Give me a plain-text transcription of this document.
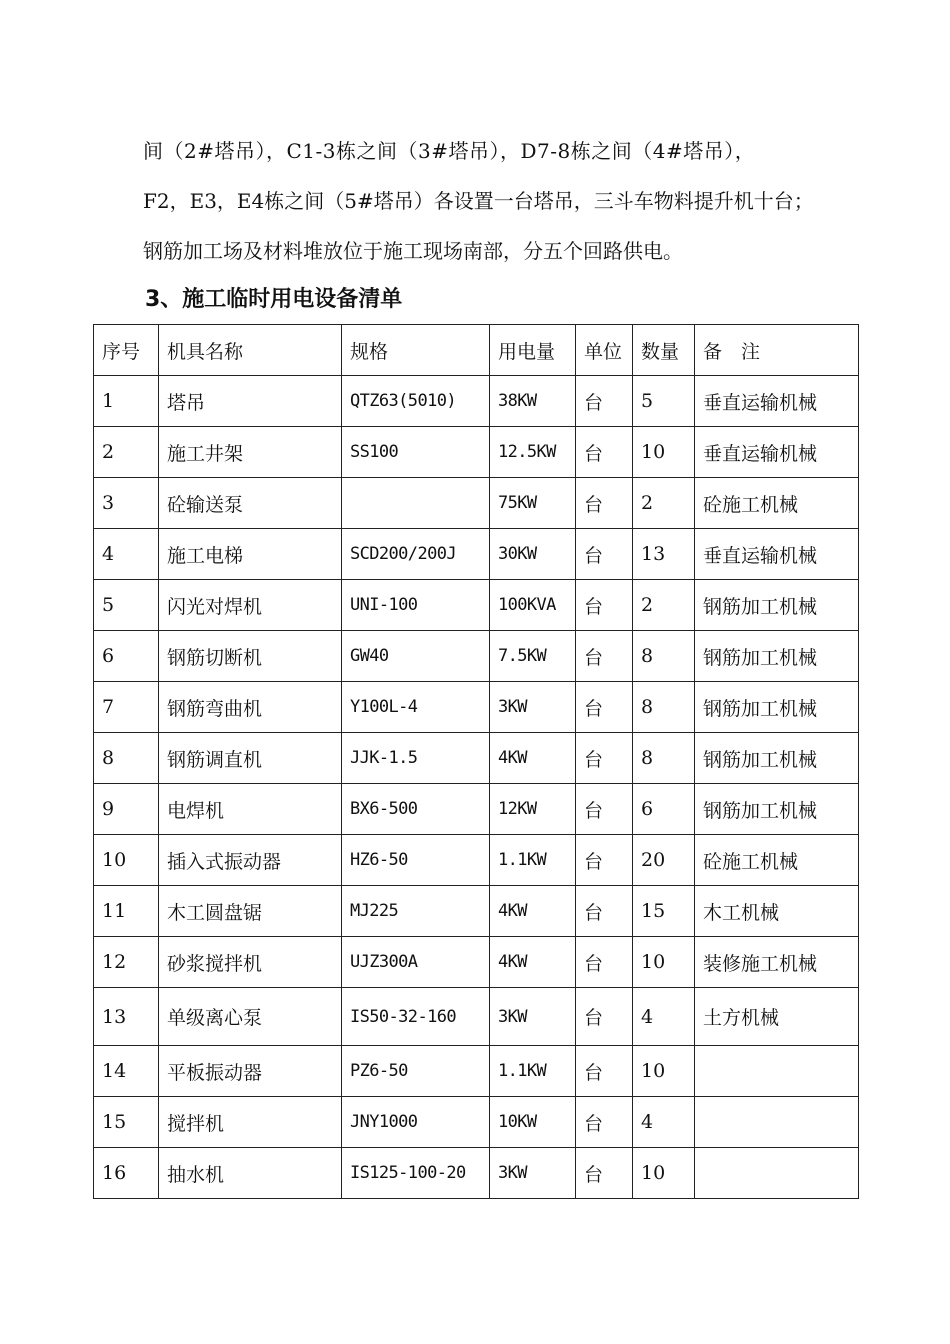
间（2#塔吊），C1-3栋之间（3#塔吊），D7-8栋之间（4#塔吊），

F2，E3，E4栋之间（5#塔吊）各设置一台塔吊，三斗车物料提升机十台；

钢筋加工场及材料堆放位于施工现场南部，分五个回路供电。

3、施工临时用电设备清单
序号	机具名称	规格	用电量	单位	数量	备　注
1	塔吊	QTZ63(5010)	38KW	台	5	垂直运输机械
2	施工井架	SS100	12.5KW	台	10	垂直运输机械
3	砼输送泵		75KW	台	2	砼施工机械
4	施工电梯	SCD200/200J	30KW	台	13	垂直运输机械
5	闪光对焊机	UNI-100	100KVA	台	2	钢筋加工机械
6	钢筋切断机	GW40	7.5KW	台	8	钢筋加工机械
7	钢筋弯曲机	Y100L-4	3KW	台	8	钢筋加工机械
8	钢筋调直机	JJK-1.5	4KW	台	8	钢筋加工机械
9	电焊机	BX6-500	12KW	台	6	钢筋加工机械
10	插入式振动器	HZ6-50	1.1KW	台	20	砼施工机械
11	木工圆盘锯	MJ225	4KW	台	15	木工机械
12	砂浆搅拌机	UJZ300A	4KW	台	10	装修施工机械
13	单级离心泵	IS50-32-160	3KW	台	4	土方机械
14	平板振动器	PZ6-50	1.1KW	台	10	
15	搅拌机	JNY1000	10KW	台	4	
16	抽水机	IS125-100-20	3KW	台	10	
